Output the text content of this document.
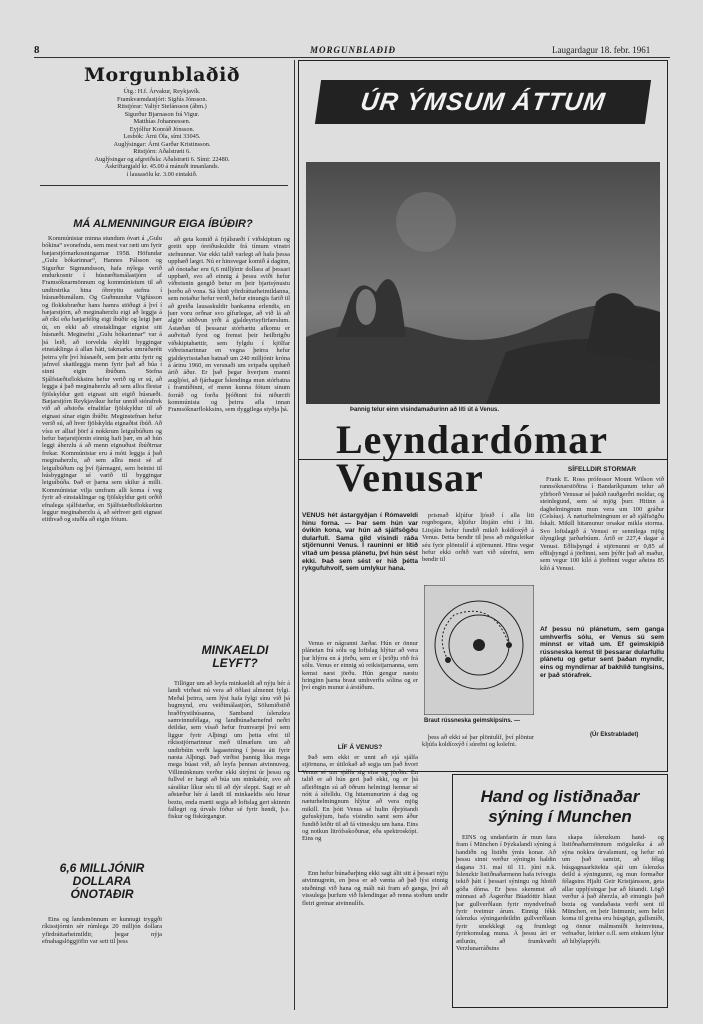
8	MORGUNBLAÐIÐ	Laugardagur 18. febr. 1961
Morgunblaðið
Útg.: H.f. Árvakur, Reykjavík.
Framkvæmdastjóri: Sigfús Jónsson.
Ritstjórar: Valtýr Stefánsson (ábm.)
Sigurður Bjarnason frá Vigur.
Matthías Johannessen.
Eyjólfur Konráð Jónsson.
Lesbók: Árni Óla, sími 33045.
Auglýsingar: Árni Garðar Kristinsson.
Ritstjórn: Aðalstræti 6.
Auglýsingar og afgreiðsla: Aðalstræti 6. Sími: 22480.
Áskriftargjald kr. 45.00 á mánuði innanlands.
í lausasölu kr. 3.00 eintakið.
MÁ ALMENNINGUR EIGA ÍBÚÐIR?

Kommúnistar minna stundum óvart á „Gulu bókina“ svonefndu, sem mest var rætt um fyrir bæjarstjórnarkosningarnar 1958. Höfundar „Gulu bókarinnar“, Hannes Pálsson og Sigurður Sigmundsson, hafa nýlega verið endurkosnir í húsnæðismálastjórn af Framsóknarmönnum og kommúnistum til að undirstrika hina óbreyttu stefnu í húsnæðismálum. Og Guðmundur Vigfússon og flokksbræður hans hamra stöðugt á því í bæjarstjórn, að meginaherzlu eigi að leggja á að ríki eða bæjarfélög eigi íbúðir og leigi þær út, en ekki að einstaklingar eignist sitt húsnæði. Meginefni „Gulu bókarinnar“ var á þá leið, að torvelda skyldi byggingar einstaklinga á allan hátt, takmarka umráðarétt þeirra yfir því húsnæði, sem þeir ættu fyrir og jafnvel skattleggja menn fyrir það að búa í sinni eigin íbúðum. Stefna Sjálfstæðisflokksins hefur verið og er sú, að leggja á það meginaherzlu að sem allra flestar fjölskyldur geti eignast sitt eigið húsnæði. Bæjarstjórn Reykjavíkur hefur unnið stórafrek við að aðstoða efnalitlar fjölskyldur til að eignast sínar eigin íbúðir. Meginstefnan hefur verið sú, að hver fjölskylda eignaðist íbúð. Að vísu er alltaf þörf á nokkrum leiguíbúðum og hefur bæjarstjórnin einnig haft þær, en að hún leggi áherzlu á að menn eignuðust íbúðirnar frekar. Kommúnistar eru á móti leggja á það meginaherzlu, að sem allra mest sé af leiguíbúðum og því fjármagni, sem beinist til húsbyggingar sé varið til byggingar leiguíbúða. Það er þarna sem skilur á milli. Kommúnistar vilja umfram allt koma í veg fyrir að einstaklingar og fjölskyldur geti orðið efnalega sjálfstæðar, en Sjálfstæðisflokkurinn leggur meginaherzlu á, að sérhver geti eignast eiithvað og stuðla að eigin fótum.

að geta komið á frjálsræði í viðskiptum og greitt upp óreiðuskuldir frá tímum vinstri stefnunnar. Var ekki talið varlegt að hafa þessa upphæð lægri. Nú er hinsvegar komið á daginn, að ónotaðar eru 6,6 milljónir dollara af þessari upphæð, svo að einnig á þessu sviði hefur viðreisnin gengið betur en þeir bjartsýnustu þorðu að vona. Sá hluti yfirdráttarheimildanna, sem notaður hefur verið, hefur einungis farið til að greiða lausaskuldir bankanna erlendis, en þær voru orðnar svo gífurlegar, að við lá að algjör stöðvun yrði á gjaldeyrisyfirfærslum. Ástæðan til þessarar stórbættu afkomu er auðvitað fyrst og fremst þeir heilbrigðu viðskiptahættir, sem fylgdu í kjölfar viðreisnarinnar en vegna þeirra hefur gjaldeyrisstaðan batnað um 240 milljónir króna á árinu 1960, en versnaði um svipaða upphæð árið áður. Er það þegar hverjum manni augljóst, að fjárhagur Íslendinga mun stórbatna í framtíðinni, ef menn kunna fótum sínum forráð og forða þjóðinni frá niðurrifi kommúnista og þeirra afla innan Framsóknarflokksins, sem dyggilega styðja þá.

MINKAELDI LEYFT?

Tillögur um að leyfa minkaeldi að nýju hér á landi virðast nú vera að öðlast almennt fylgi. Meðal þeirra, sem lýst hafa fylgi sínu við þá hugmynd, eru veiðimálastjóri, Sölumiðstöð hraðfrystihúsanna, Samband íslenzkra samvinnufélaga, og landbúnaðarnefnd neðri deildar, sem vísað hefur frumvarpi því sem liggur fyrir Alþingi um þetta efni til ríkisstjórnarinnar með tilmælum um að undirbúin verði lagasetning í þessa átt fyrir næsta Alþingi. Það virðist þannig líka mega mega búast við, að leyfa þennan atvinnuveg. Villiminknum verður ekki útrýmt úr þessu og fullvel er hægt að búa um minkabúr, svo að sáralítar líkur séu til að dýr sleppi. Sagt er að aðstæður hér á landi til minkaeldis séu hinar beztu, enda mætti segja að loftslag geri skinnin fallegri og úrvals fóður sé fyrir hendi, þ.e. fiskur og fiskúrgangur.

6,6 MILLJÓNIR DOLLARA ÓNOTAÐIR

Eins og landsmönnum er kunnugt tryggði ríkisstjórnin sér rúmlega 20 milljón dollara yfirdráttarheimildir, þegar nýja efnahagslöggjöfin var sett til þess

ÚR ÝMSUM ÁTTUM
Þannig telur einn vísindamaðurinn að líti út á Venus.
Leyndardómar
Venusar
VENUS hét ástargyðjan í Rómaveldi hinu forna. — Þar sem hún var óvikin kona, var hún að sjálfsögðu dularfull. Sama gild vísindi ráða stjörnunni Venus. Í rauninni er lítið vitað um þessa plánetu, því hún sést ekki. Það sem sést er hið þétta rykgufuhvolf, sem umlykur hana.

Venus er nágranni Jarðar. Hún er önnur plánetan frá sólu og loftslag hlýtur að vera þar hlýrra en á jörðu, sem er í þriðju röð frá sólu. Venus er einnig sú reikistjarnanna, sem kemst næst jörðu. Hún gengur næstu hringinn þarna braut umhverfis sólina og er því engin munur á árstíðum.

LÍF Á VENUS?

Það sem ekki er unnt að sjá sjálfa stjörnuna, er útilokað að segja um það hvort Venus sé um sjálfa sig eins og jörðin. En talið er að hún geri það ekki, og er þá afleiðingin sú að öðrum helmingi hennar sé nótt á sífelldu. Og hitamunurinn á dag og næturhelmingnum hlýtur að vera mjög mikill. En þótt Venus sé hulin óþrjótandi gufuskýjum, hafa vísindin samt sem áður fundið leiðir til að fá vitneskju um hana. Eins og notkun litrófsskoðunar, eða spektroskópi. Eins og

prismað kljúfur ljósið í alla liti regnbogans, kljúfur litsjáin efni í liti. Litsjáin hefur fundið mikið koldíoxýð á Venus. Þetta bendir til þess að möguleikar séu fyrir plöntulíf á stjörnunni. Hins vegar hefur ekki orðið vart við súrefni, sem bendir til

Braut rússneska geimskipsins. —

þess að ekki sé þar plöntulíf, því plöntur kljúfa koldíoxýð í súrefni og kolefni.

SÍFELLDIR STORMAR

Frank E. Ross prófessor Mount Wilson við rannsóknarstöðina í Bandaríkjunum telur að yfirborð Venusar sé þakið rauðgerðri moldar, og steinlegund, sem sé mjög þurr. Hitinn á daghelmingnum mun vera um 100 gráður (Celsíus). Á næturhelmingnum er að sjálfsögðu fskalt. Mikill hitamunur orsakar mikla storma. Svo loftslagið á Venusi er sennilega mjög ólyngilegt jarðarbúum. Árið er 227,4 dagar á Venusi. Eðlisþyngd á stjörnunni er 0,85 af eðlisþyngd á jörðinni, sem þýðir það að maður, sem vegur 100 kíló á jörðinni vegur aðeins 85 kíló á Venusi.

Af þessu nú plánetum, sem ganga umhverfis sólu, er Venus sú sem minnst er vitað um. Ef geimskipið rússneska kemst til þessarar dularfullu plánetu og getur sent þaðan myndir, eins og myndirnar af bakhlið tunglsins, er það stórafrek.
(Úr Ekstrabladet)
Hand og listiðnaðar
sýning í Munchen

EINS og undanfarin ár mun fara fram í München í Þýzkalandi sýning á handiðn og listiðn ýmis konar. Að þessu sinni verður sýningin haldin dagana 31. maí til 11. júní n.k. Íslenzkir listiðnaðarmenn hafa tvívegis tekið þátt í þessari sýningu og hlotið góða dóma. Er þess skemmst að minnast að Ásgerður Búadóttir hlaut þar gullverðlaun fyrir myndvefnað fyrir tveimur árum. Einnig fékk íslenzka sýningardeildin gullverðlaun fyrir smekklegt og frumlegt fyrirkomulag muna. Á þessu ári er ætlunin, að frumkvæði Verzlunarráðsins

skapa íslenzkum hand- og listiðnaðarmönnum möguleika á að sýna nokkra úrvalsmuni, og hefur nú um það samizt, að félag húsgagnaarkitekta sjái um íslenzka deild á sýningunni, og mun formaður félagsins Hjalti Geir Kristjánsson, geta allar upplýsingar þar að lútandi. Lögð verður á það áherzla, að einungis það bezta og vandaðasta verði sent til München, en þeir listmunir, sem helzt koma til greina eru húsgögn, gullsmíði, og önnur málmsmíði heimvinna, vefnaður, leirker o.fl. sem einkum lýtur að híbýlaprýði.

Enn hefur búnaðarþing ekki sagt álit sitt á þessari nýju atvinnugrein, en þess er að vænta að það lýsi einnig stuðningi við hana og máli nái fram að ganga, því að vissulega þurfum við Íslendingar að renna stoðum undir fleiri greinar atvinnulífs.
